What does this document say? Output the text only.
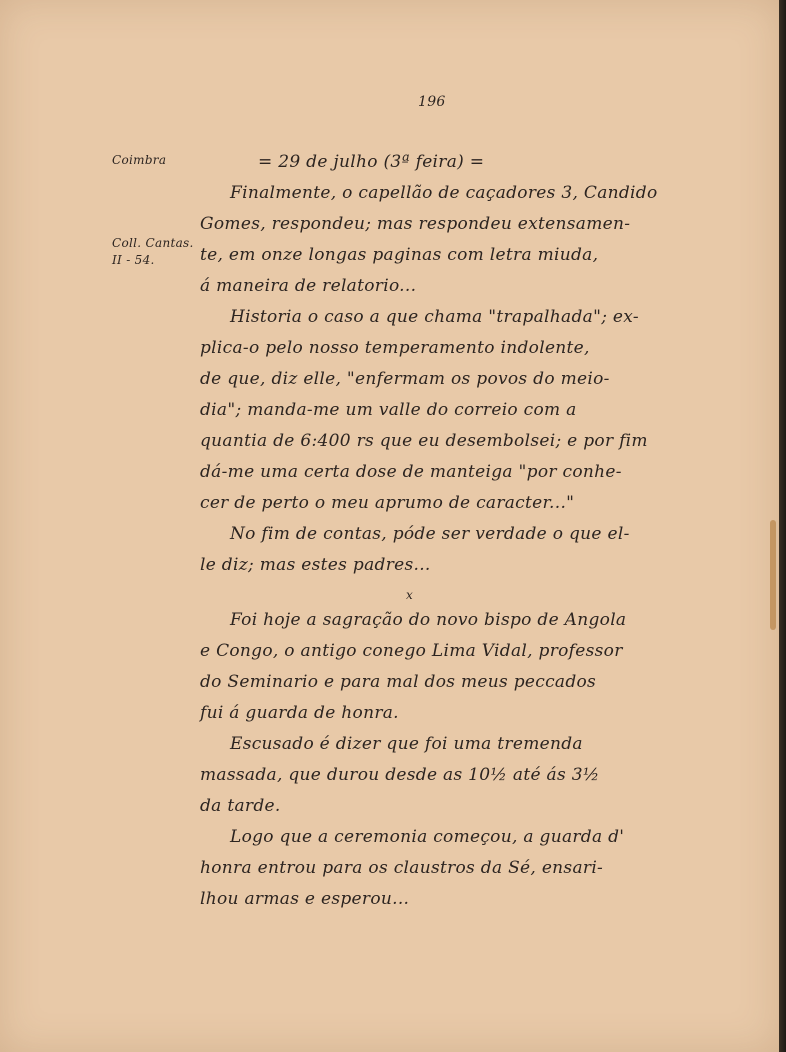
196
Coimbra
Coll. Cantas.
II - 54.
= 29 de julho (3ª feira) =
Finalmente, o capellão de caçadores 3, Candido
Gomes, respondeu; mas respondeu extensamen-
te, em onze longas paginas com letra miuda,
á maneira de relatorio...
Historia o caso a que chama "trapalhada"; ex-
plica-o pelo nosso temperamento indolente,
de que, diz elle, "enfermam os povos do meio-
dia"; manda-me um valle do correio com a
quantia de 6:400 rs que eu desembolsei; e por fim
dá-me uma certa dose de manteiga "por conhe-
cer de perto o meu aprumo de caracter..."
No fim de contas, póde ser verdade o que el-
le diz; mas estes padres...
x
Foi hoje a sagração do novo bispo de Angola
e Congo, o antigo conego Lima Vidal, professor
do Seminario e para mal dos meus peccados
fui á guarda de honra.
Escusado é dizer que foi uma tremenda
massada, que durou desde as 10½ até ás 3½
da tarde.
Logo que a ceremonia começou, a guarda d'
honra entrou para os claustros da Sé, ensari-
lhou armas e esperou...
